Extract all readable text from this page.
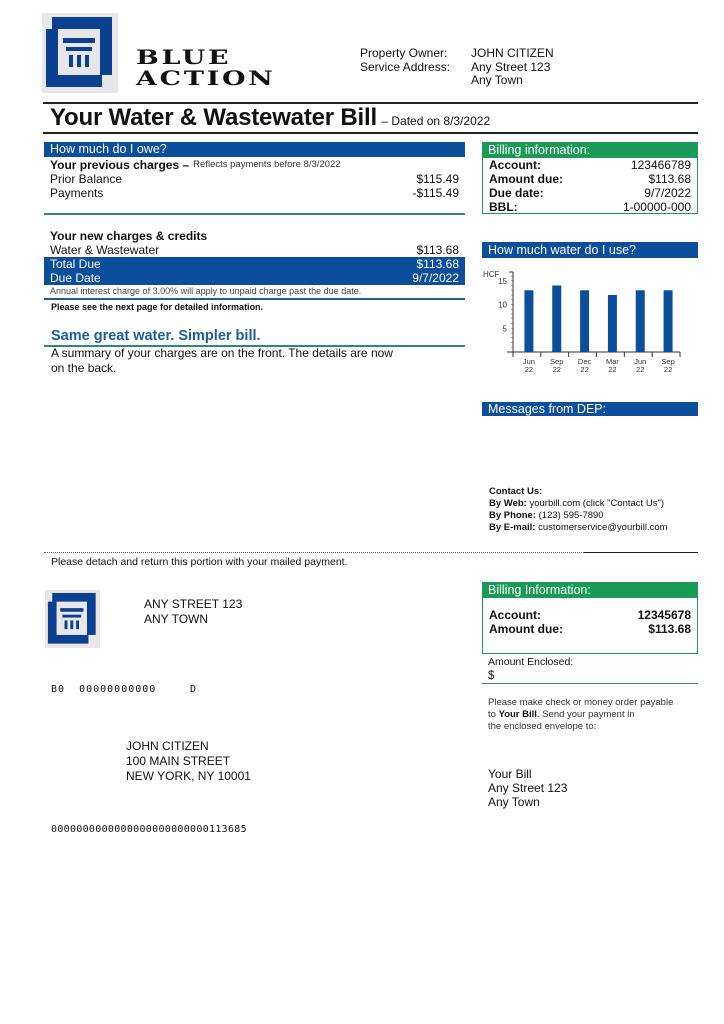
BLUE
ACTION
Property Owner: JOHN CITIZEN
Service Address: Any Street 123
Any Town
Your Water & Wastewater Bill – Dated on 8/3/2022
How much do I owe?
Your previous charges – Reflects payments before 8/3/2022
Prior Balance	$115.49
Payments	-$115.49
Your new charges & credits
Water & Wastewater	$113.68
Total Due	$113.68
Due Date	9/7/2022
Annual interest charge of 3.00% will apply to unpaid charge past the due date.
Please see the next page for detailed information.
Same great water. Simpler bill.
A summary of your charges are on the front. The details are now
on the back.
Billing information:
Account:	123466789
Amount due:	$113.68
Due date:	9/7/2022
BBL:	1-00000-000
How much water do I use?
HCF
5
10
15
Jun
22
Sep
22
Dec
22
Mar
22
Jun
22
Sep
22
Messages from DEP:
Contact Us:
By Web: yourbill.com (click "Contact Us")
By Phone: (123) 595-7890
By E-mail: customerservice@yourbill.com
Please detach and return this portion with your mailed payment.
ANY STREET 123
ANY TOWN
B0  00000000000	D
JOHN CITIZEN
100 MAIN STREET
NEW YORK, NY 10001
0000000000000000000000000113685
Billing Information:
Account:	12345678
Amount due:	$113.68
Amount Enclosed:
$
Please make check or money order payable
to Your Bill. Send your payment in
the enclosed envelope to:
Your Bill
Any Street 123
Any Town
